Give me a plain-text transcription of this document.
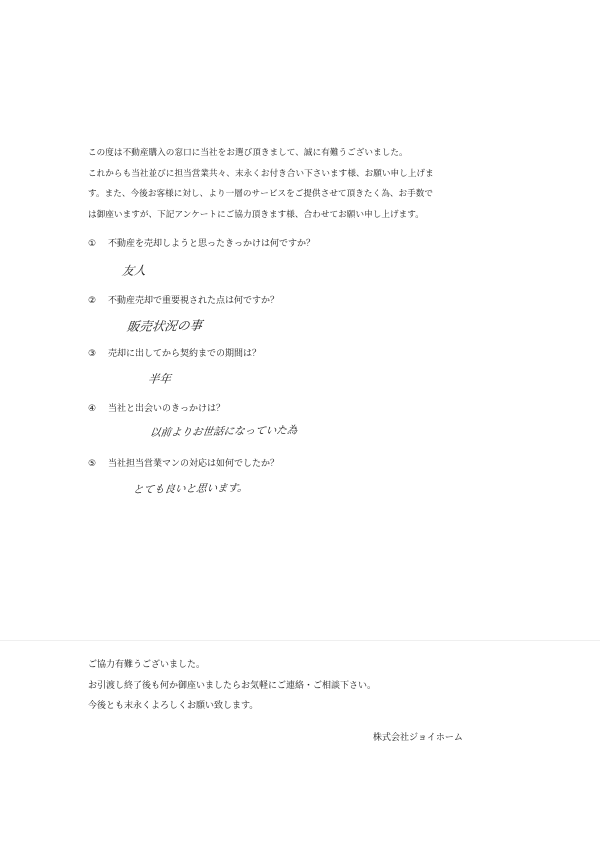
この度は不動産購入の窓口に当社をお選び頂きまして、誠に有難うございました。

これからも当社並びに担当営業共々、末永くお付き合い下さいます様、お願い申し上げま

す。また、今後お客様に対し、より一層のサービスをご提供させて頂きたく為、お手数で

は御座いますが、下記アンケートにご協力頂きます様、合わせてお願い申し上げます。

① 不動産を売却しようと思ったきっかけは何ですか？
友人
② 不動産売却で重要視された点は何ですか？
販売状況の事
③ 売却に出してから契約までの期間は？
半年
④ 当社と出会いのきっかけは？
以前よりお世話になっていた為
⑤ 当社担当営業マンの対応は如何でしたか？
とても良いと思います。

ご協力有難うございました。

お引渡し終了後も何か御座いましたらお気軽にご連絡・ご相談下さい。

今後とも末永くよろしくお願い致します。

株式会社ジョイホーム
